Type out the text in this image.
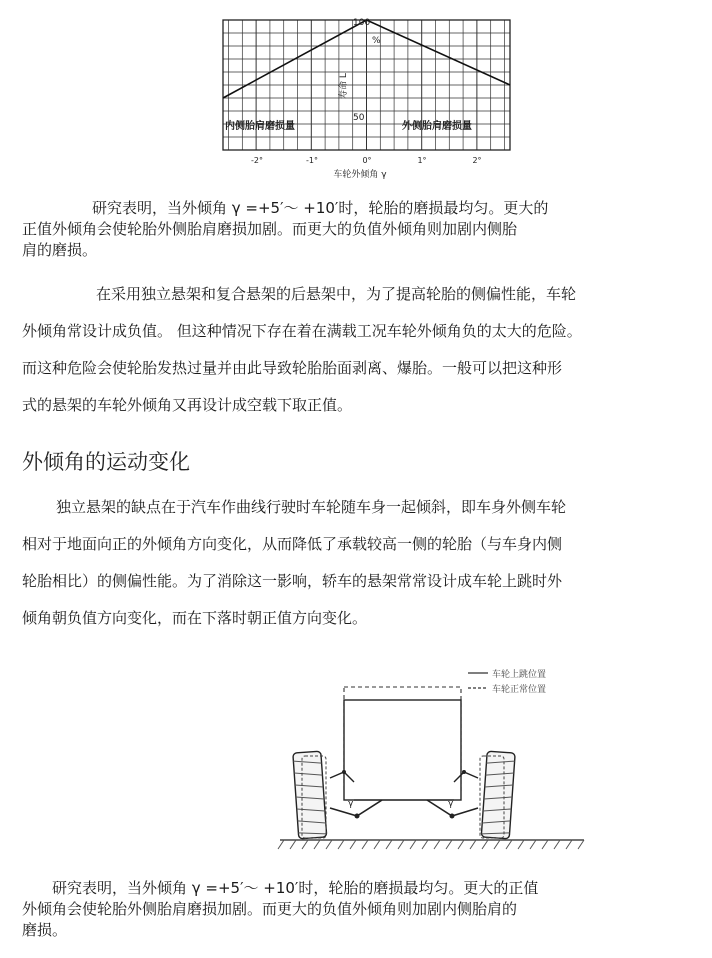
内侧胎肩磨损量	外侧胎肩磨损量
100
50
%
寿命 L
-2°	-1°	0°	1°	2°
车轮外倾角 γ
研究表明，当外倾角 γ =+5′～ +10′时，轮胎的磨损最均匀。更大的
正值外倾角会使轮胎外侧胎肩磨损加剧。而更大的负值外倾角则加剧内侧胎
肩的磨损。
在采用独立悬架和复合悬架的后悬架中，为了提高轮胎的侧偏性能，车轮
外倾角常设计成负值。 但这种情况下存在着在满载工况车轮外倾角负的太大的危险。
而这种危险会使轮胎发热过量并由此导致轮胎胎面剥离、爆胎。一般可以把这种形
式的悬架的车轮外倾角又再设计成空载下取正值。
外倾角的运动变化
独立悬架的缺点在于汽车作曲线行驶时车轮随车身一起倾斜，即车身外侧车轮
相对于地面向正的外倾角方向变化，从而降低了承载较高一侧的轮胎（与车身内侧
轮胎相比）的侧偏性能。为了消除这一影响，轿车的悬架常常设计成车轮上跳时外
倾角朝负值方向变化，而在下落时朝正值方向变化。
车轮上跳位置
车轮正常位置
γ	γ
研究表明，当外倾角 γ =+5′～ +10′时，轮胎的磨损最均匀。更大的正值
外倾角会使轮胎外侧胎肩磨损加剧。而更大的负值外倾角则加剧内侧胎肩的
磨损。
